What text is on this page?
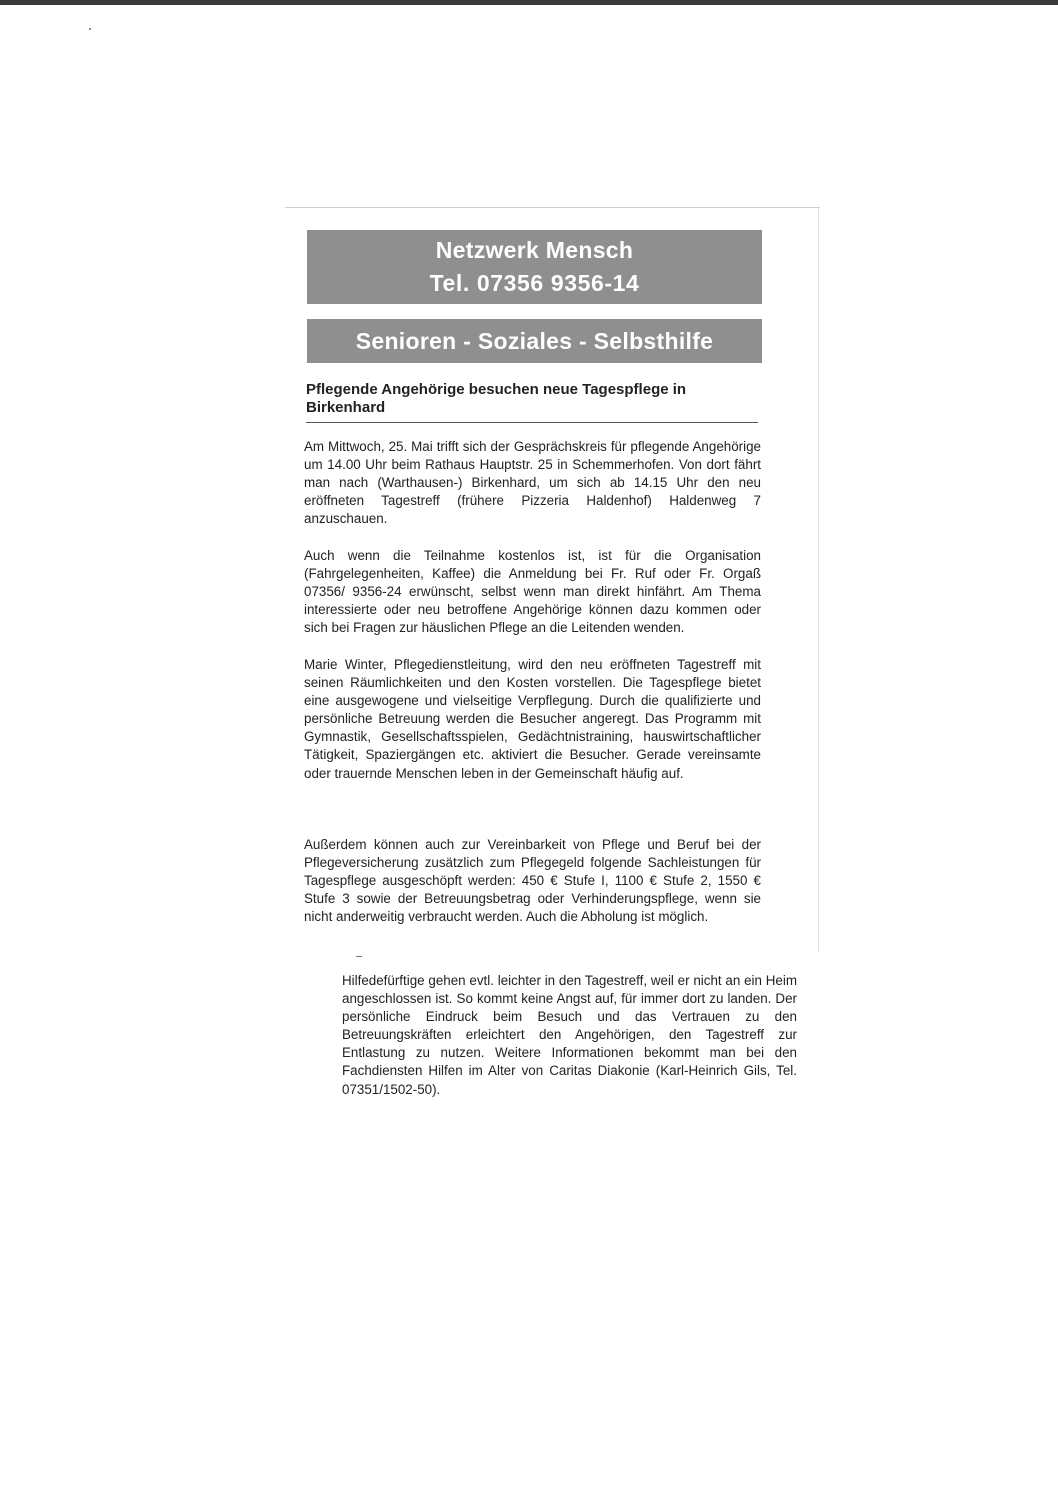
Netzwerk Mensch
Tel. 07356 9356-14
Senioren - Soziales - Selbsthilfe
Pflegende Angehörige besuchen neue Tagespflege in Birkenhard

Am Mittwoch, 25. Mai trifft sich der Gesprächskreis für pflegende Angehörige um 14.00 Uhr beim Rathaus Hauptstr. 25 in Schemmerhofen. Von dort fährt man nach (Warthausen-) Birkenhard, um sich ab 14.15 Uhr den neu eröffneten Tagestreff (frühere Pizzeria Haldenhof) Haldenweg 7 anzuschauen.

Auch wenn die Teilnahme kostenlos ist, ist für die Organisation (Fahrgelegenheiten, Kaffee) die Anmeldung bei Fr. Ruf oder Fr. Orgaß 07356/ 9356-24 erwünscht, selbst wenn man direkt hinfährt. Am Thema interessierte oder neu betroffene Angehörige können dazu kommen oder sich bei Fragen zur häuslichen Pflege an die Leitenden wenden.

Marie Winter, Pflegedienstleitung, wird den neu eröffneten Tagestreff mit seinen Räumlichkeiten und den Kosten vorstellen. Die Tagespflege bietet eine ausgewogene und vielseitige Verpflegung. Durch die qualifizierte und persönliche Betreuung werden die Besucher angeregt. Das Programm mit Gymnastik, Gesellschaftsspielen, Gedächtnistraining, hauswirtschaftlicher Tätigkeit, Spaziergängen etc. aktiviert die Besucher. Gerade vereinsamte oder trauernde Menschen leben in der Gemeinschaft häufig auf.

Außerdem können auch zur Vereinbarkeit von Pflege und Beruf bei der Pflegeversicherung zusätzlich zum Pflegegeld folgende Sachleistungen für Tagespflege ausgeschöpft werden: 450 € Stufe I, 1100 € Stufe 2, 1550 € Stufe 3 sowie der Betreuungsbetrag oder Verhinderungspflege, wenn sie nicht anderweitig verbraucht werden. Auch die Abholung ist möglich.

Hilfedefürftige gehen evtl. leichter in den Tagestreff, weil er nicht an ein Heim angeschlossen ist. So kommt keine Angst auf, für immer dort zu landen. Der persönliche Eindruck beim Besuch und das Vertrauen zu den Betreuungskräften erleichtert den Angehörigen, den Tagestreff zur Entlastung zu nutzen. Weitere Informationen bekommt man bei den Fachdiensten Hilfen im Alter von Caritas Diakonie (Karl-Heinrich Gils, Tel. 07351/1502-50).
